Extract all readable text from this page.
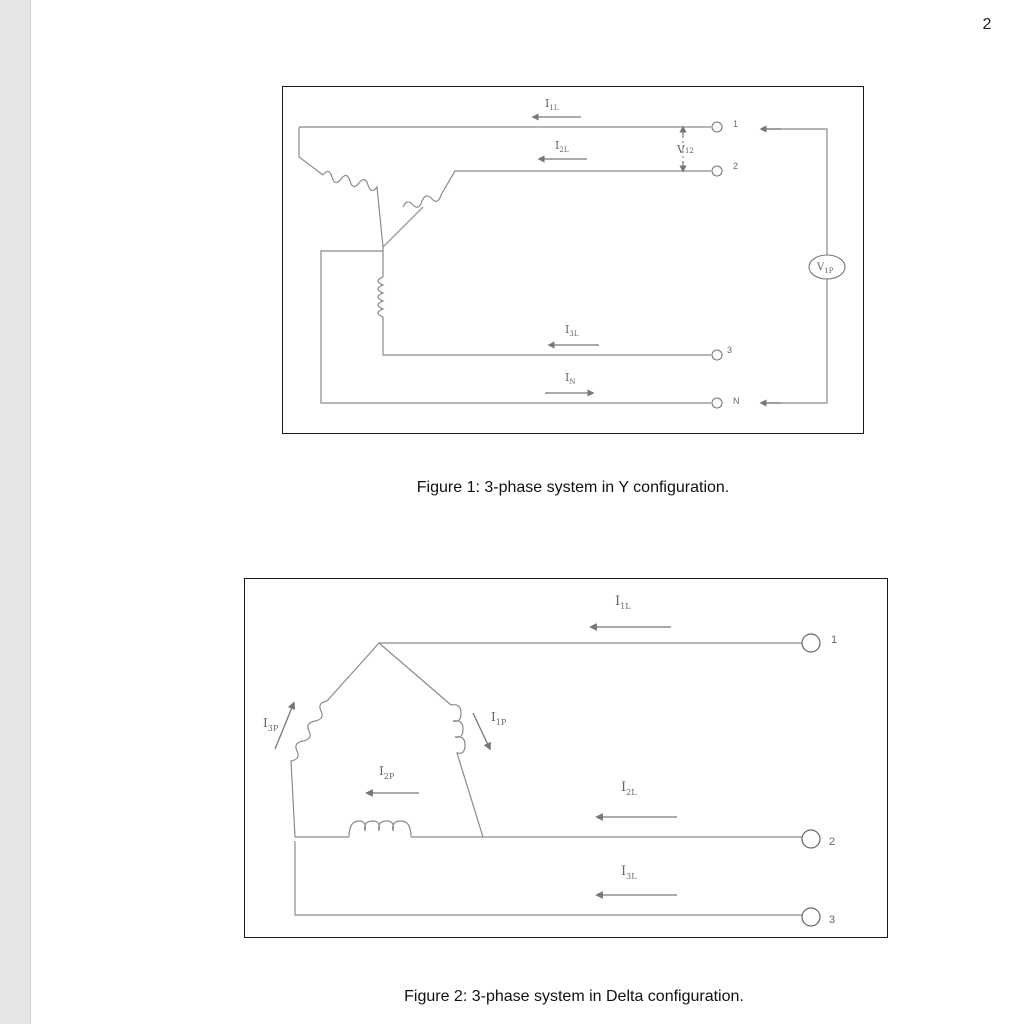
2
$I_{1L}$
$I_{2L}$
$I_{3L}$
$I_N$
V12
$V_{1P}$
1
2
3
N
Figure 1: 3-phase system in Y configuration.
$I_{1L}$
$I_{2L}$
$I_{3L}$
$I_{1P}$
$I_{2P}$
$I_{3P}$
1
2
3
Figure 2: 3-phase system in Delta configuration.
